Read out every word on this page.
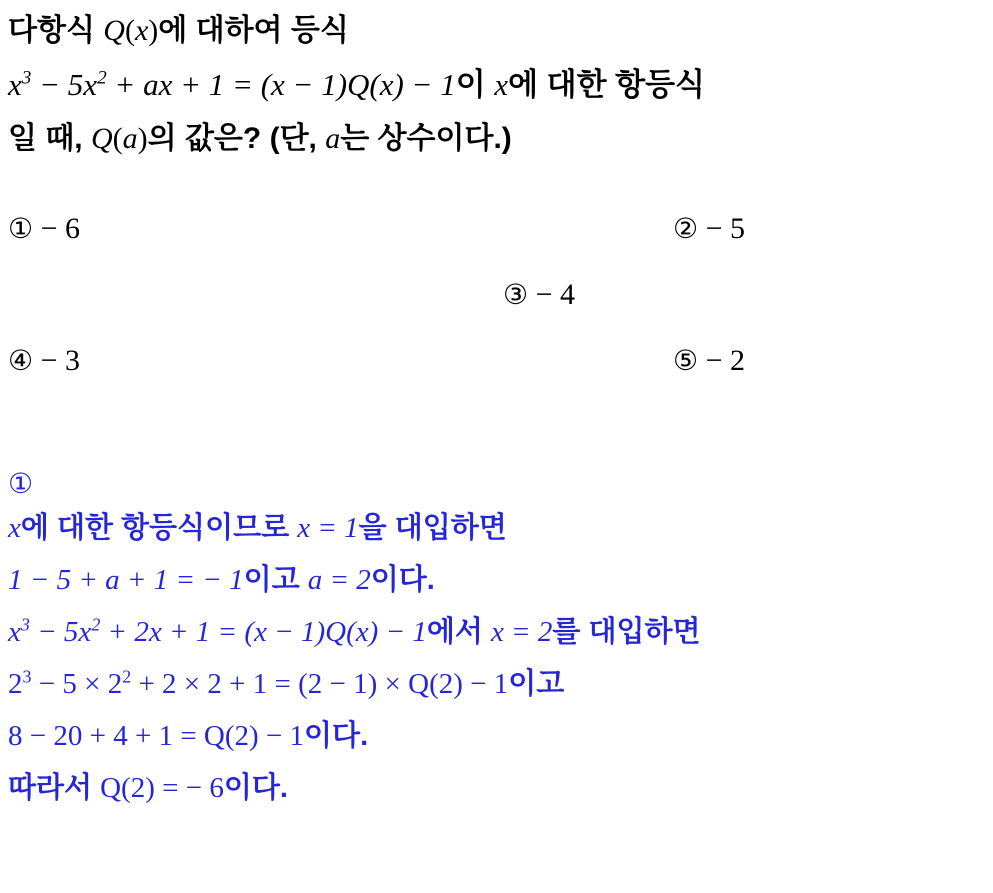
다항식 Q(x)에 대하여 등식
$x^3 - 5x^2$ + ax + 1 = (x − 1)Q(x) − 1이 x에 대한 항등식
일 때, Q(a)의 값은? (단, a는 상수이다.)
① − 6	② − 5
③ − 4
④ − 3	⑤ − 2
①
x에 대한 항등식이므로 x = 1을 대입하면
1 − 5 + a + 1 = − 1이고 a = 2이다.
$x^3 - 5x^2 + 2x + 1 = (x - 1)Q(x) - 1$에서 x = 2를 대입하면
$2^3 - 5 \times 2^2 + 2 \times 2 + 1 = (2 - 1) \times Q(2) - 1$이고
8 − 20 + 4 + 1 = Q(2) − 1이다.
따라서 Q(2) = − 6이다.
